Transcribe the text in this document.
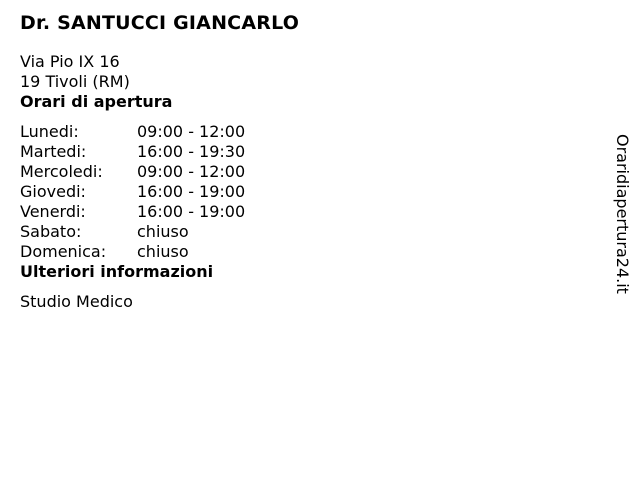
Dr. SANTUCCI GIANCARLO
Via Pio IX 16
19 Tivoli (RM)
Orari di apertura
Lunedi:	09:00 - 12:00
Martedi:	16:00 - 19:30
Mercoledi:	09:00 - 12:00
Giovedi:	16:00 - 19:00
Venerdi:	16:00 - 19:00
Sabato:	chiuso
Domenica:	chiuso
Ulteriori informazioni
Studio Medico
Oraridiapertura24.it
